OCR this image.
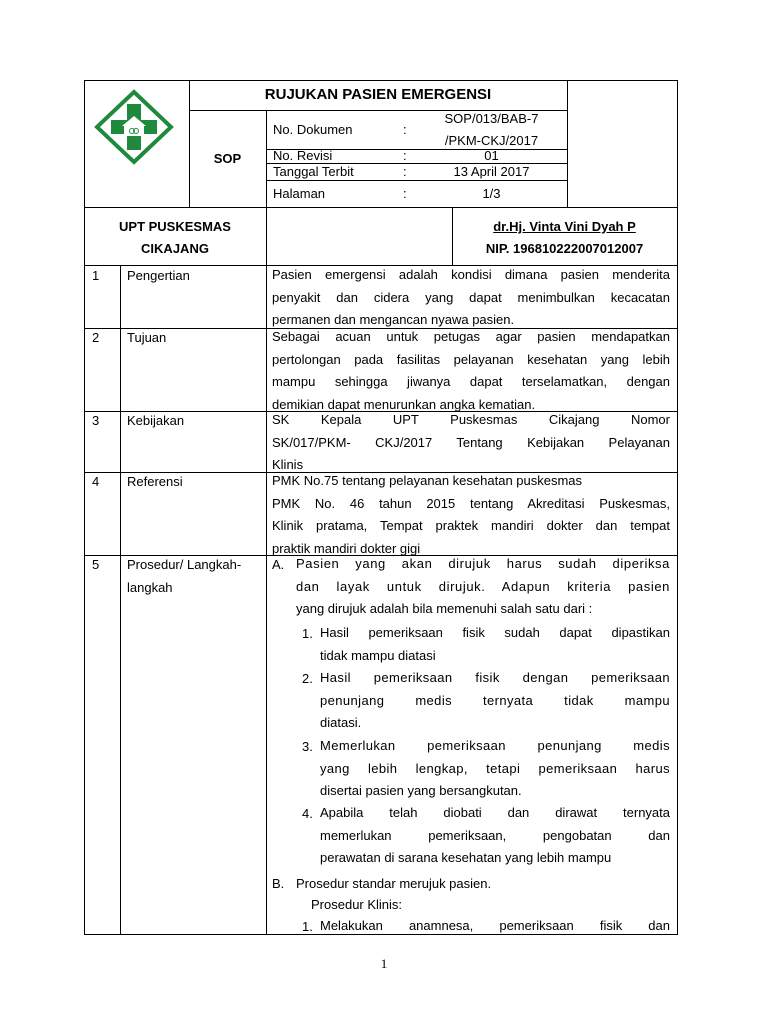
RUJUKAN PASIEN EMERGENSI
SOP
No. Dokumen	:
SOP/013/BAB-7
/PKM-CKJ/2017
No. Revisi	:	01
Tanggal Terbit	:	13 April 2017
Halaman	:	1/3
UPT PUSKESMAS
CIKAJANG
dr.Hj. Vinta Vini Dyah P
NIP. 196810222007012007
1 Pengertian	Pasien emergensi adalah kondisi dimana pasien menderita
penyakit dan cidera yang dapat menimbulkan kecacatan
permanen dan mengancan nyawa pasien.
2 Tujuan	Sebagai acuan untuk petugas agar pasien mendapatkan
pertolongan pada fasilitas pelayanan kesehatan yang lebih
mampu sehingga jiwanya dapat terselamatkan, dengan
demikian dapat menurunkan angka kematian.
3 Kebijakan	SK Kepala UPT Puskesmas Cikajang Nomor
SK/017/PKM- CKJ/2017 Tentang Kebijakan Pelayanan
Klinis
4 Referensi	PMK No.75 tentang pelayanan kesehatan puskesmas
PMK No. 46 tahun 2015 tentang Akreditasi Puskesmas,
Klinik pratama, Tempat praktek mandiri dokter dan tempat
praktik mandiri dokter gigi
5 Prosedur/ Langkah-
langkah
A. Pasien yang akan dirujuk harus sudah diperiksa
dan layak untuk dirujuk. Adapun kriteria pasien
yang dirujuk adalah bila memenuhi salah satu dari :
1. Hasil pemeriksaan fisik sudah dapat dipastikan
tidak mampu diatasi
2. Hasil pemeriksaan fisik dengan pemeriksaan
penunjang medis ternyata tidak mampu
diatasi.
3. Memerlukan pemeriksaan penunjang medis
yang lebih lengkap, tetapi pemeriksaan harus
disertai pasien yang bersangkutan.
4. Apabila telah diobati dan dirawat ternyata
memerlukan pemeriksaan, pengobatan dan
perawatan di sarana kesehatan yang lebih mampu
B. Prosedur standar merujuk pasien.
Prosedur Klinis:
1. Melakukan anamnesa, pemeriksaan fisik dan
1
